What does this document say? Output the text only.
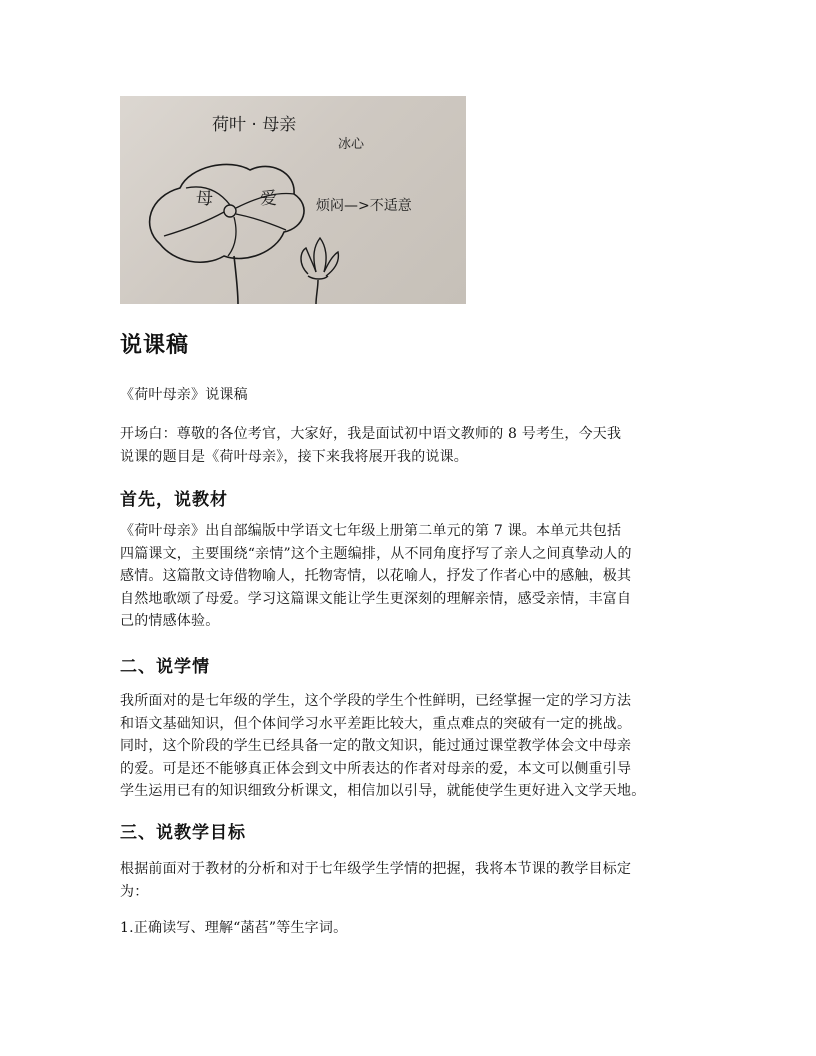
荷叶 · 母亲
冰心
母	爱	烦闷—>不适意
说课稿

《荷叶母亲》说课稿

开场白：尊敬的各位考官，大家好，我是面试初中语文教师的 8 号考生，今天我
说课的题目是《荷叶母亲》，接下来我将展开我的说课。

首先，说教材

《荷叶母亲》出自部编版中学语文七年级上册第二单元的第 7 课。本单元共包括
四篇课文，主要围绕“亲情”这个主题编排，从不同角度抒写了亲人之间真挚动人的
感情。这篇散文诗借物喻人，托物寄情，以花喻人，抒发了作者心中的感触，极其
自然地歌颂了母爱。学习这篇课文能让学生更深刻的理解亲情，感受亲情，丰富自
己的情感体验。

二、说学情

我所面对的是七年级的学生，这个学段的学生个性鲜明，已经掌握一定的学习方法
和语文基础知识，但个体间学习水平差距比较大，重点难点的突破有一定的挑战。
同时，这个阶段的学生已经具备一定的散文知识，能过通过课堂教学体会文中母亲
的爱。可是还不能够真正体会到文中所表达的作者对母亲的爱，本文可以侧重引导
学生运用已有的知识细致分析课文，相信加以引导，就能使学生更好进入文学天地。

三、说教学目标

根据前面对于教材的分析和对于七年级学生学情的把握，我将本节课的教学目标定
为：

1.正确读写、理解“菡萏”等生字词。
